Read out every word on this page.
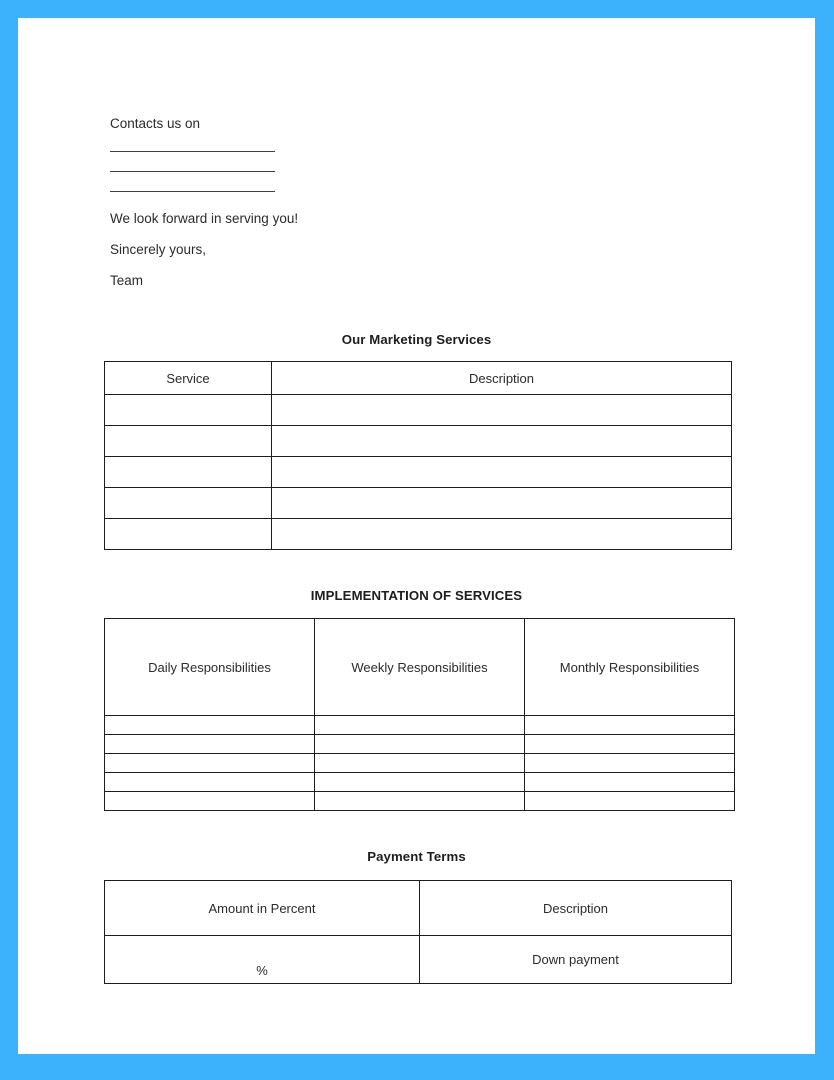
Contacts us on

We look forward in serving you!

Sincerely yours,

Team

Our Marketing Services
Service	Description

IMPLEMENTATION OF SERVICES
Daily Responsibilities	Weekly Responsibilities	Monthly Responsibilities

Payment Terms
Amount in Percent	Description
%	Down payment
